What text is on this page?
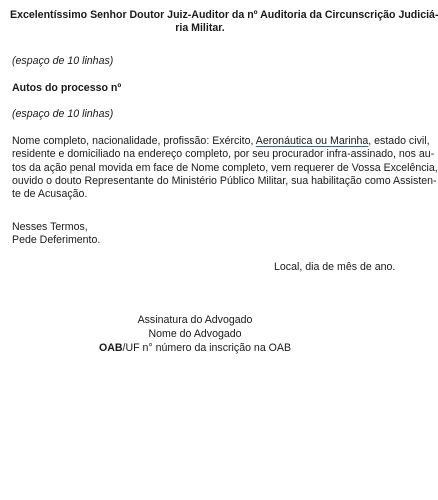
Excelentíssimo Senhor Doutor Juiz-Auditor da nº Auditoria da Circunscrição Judiciá-
ria Militar.

(espaço de 10 linhas)

Autos do processo nº

(espaço de 10 linhas)

Nome completo, nacionalidade, profissão: Exército, Aeronáutica ou Marinha, estado civil,
residente e domiciliado na endereço completo, por seu procurador infra-assinado, nos au-
tos da ação penal movida em face de Nome completo, vem requerer de Vossa Excelência,
ouvido o douto Representante do Ministério Público Militar, sua habilitação como Assisten-
te de Acusação.

Nesses Termos,

Pede Deferimento.

Local, dia de mês de ano.

Assinatura do Advogado

Nome do Advogado

OAB/UF n° número da inscrição na OAB
